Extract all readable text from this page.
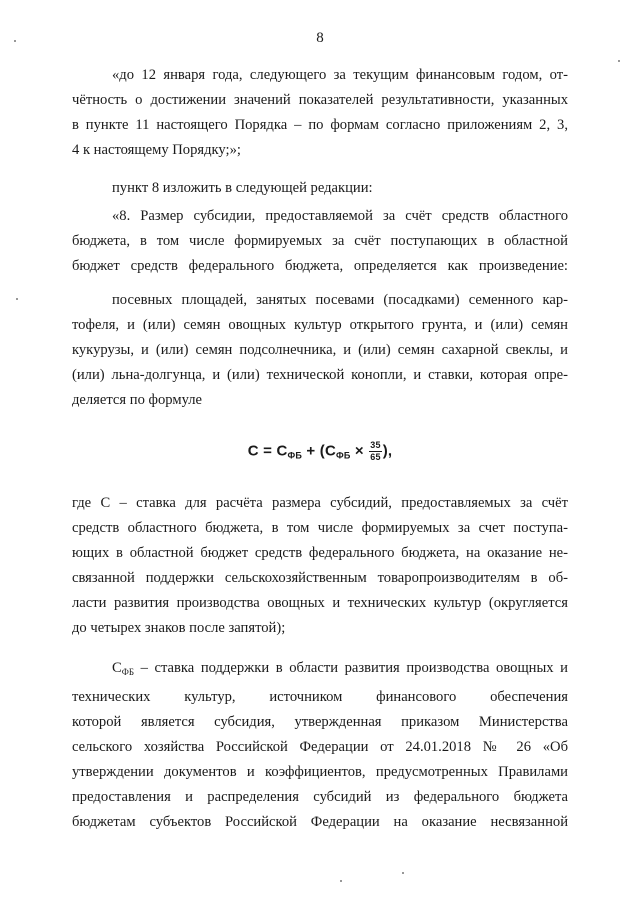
8
«до 12 января года, следующего за текущим финансовым годом, от-
чётность о достижении значений показателей результативности, указанных
в пункте 11 настоящего Порядка – по формам согласно приложениям 2, 3,
4 к настоящему Порядку;»;
пункт 8 изложить в следующей редакции:
«8. Размер субсидии, предоставляемой за счёт средств областного
бюджета, в том числе формируемых за счёт поступающих в областной
бюджет средств федерального бюджета, определяется как произведение:
посевных площадей, занятых посевами (посадками) семенного кар-
тофеля, и (или) семян овощных культур открытого грунта, и (или) семян
кукурузы, и (или) семян подсолнечника, и (или) семян сахарной свеклы, и
(или) льна-долгунца, и (или) технической конопли, и ставки, которая опре-
деляется по формуле
$С = С_{ФБ} + (С_{ФБ} \times \frac{35}{65}$ ),
где С – ставка для расчёта размера субсидий, предоставляемых за счёт
средств областного бюджета, в том числе формируемых за счет поступа-
ющих в областной бюджет средств федерального бюджета, на оказание не-
связанной поддержки сельскохозяйственным товаропроизводителям в об-
ласти развития производства овощных и технических культур (округляется
до четырех знаков после запятой);
$С_{ФБ}$ – ставка поддержки в области развития производства овощных и
технических культур, источником финансового обеспечения
которой является субсидия, утвержденная приказом Министерства
сельского хозяйства Российской Федерации от 24.01.2018 № 26 «Об
утверждении документов и коэффициентов, предусмотренных Правилами
предоставления и распределения субсидий из федерального бюджета
бюджетам субъектов Российской Федерации на оказание несвязанной
